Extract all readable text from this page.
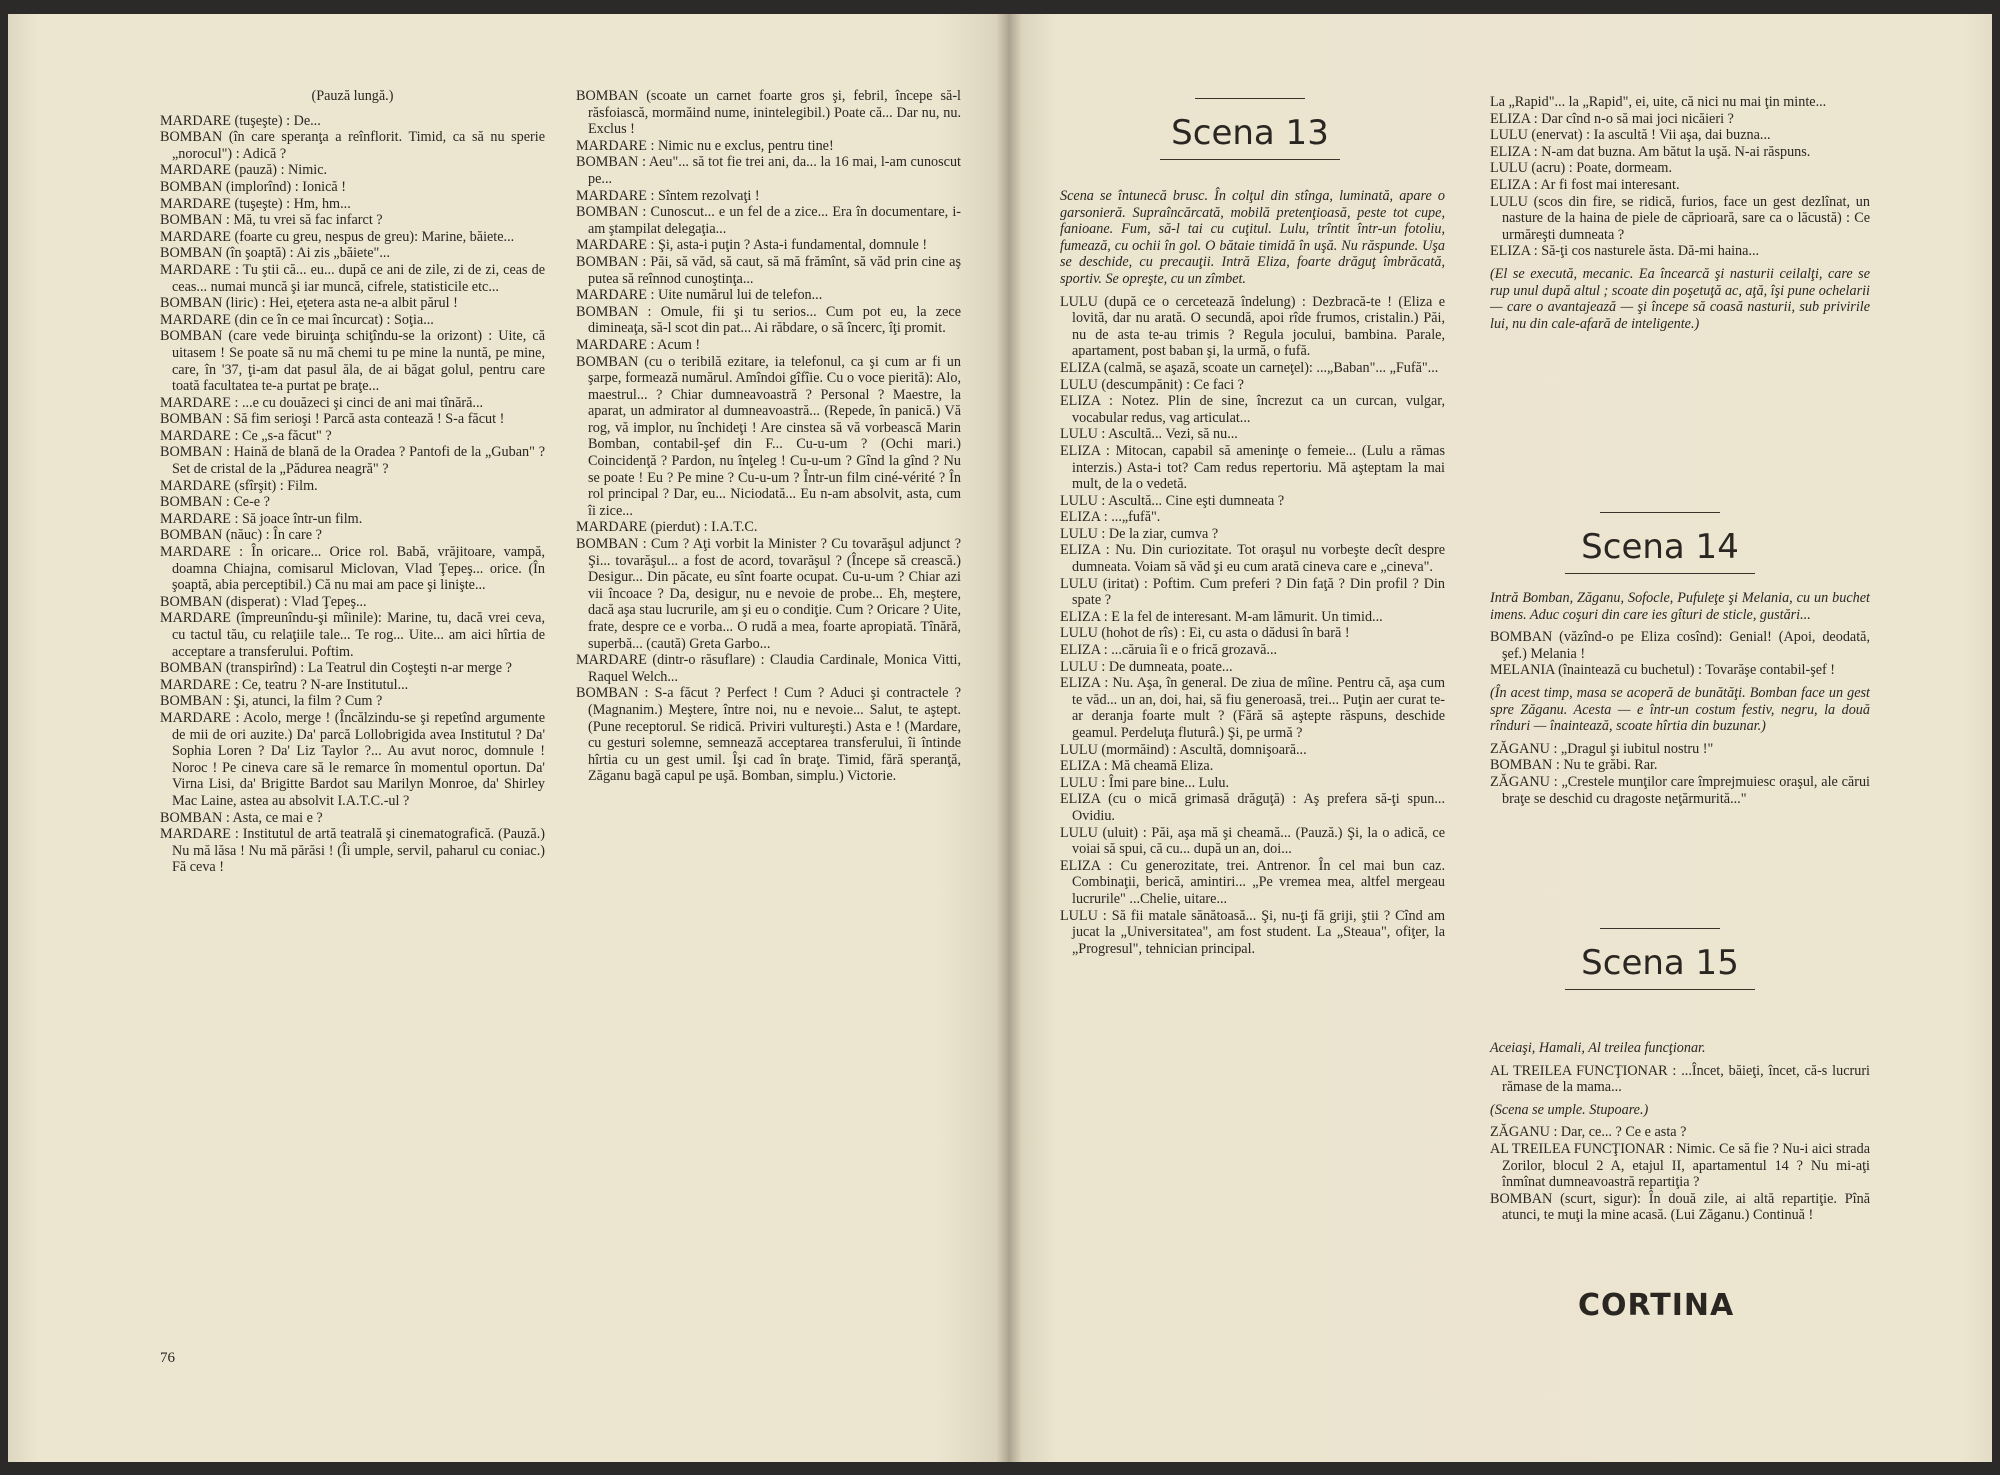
(Pauză lungă.)

MARDARE (tuşeşte) : De...

BOMBAN (în care speranţa a reînflorit. Timid, ca să nu sperie „norocul") : Adică ?

MARDARE (pauză) : Nimic.

BOMBAN (implorînd) : Ionică !

MARDARE (tuşeşte) : Hm, hm...

BOMBAN : Mă, tu vrei să fac infarct ?

MARDARE (foarte cu greu, nespus de greu): Marine, băiete...

BOMBAN (în şoaptă) : Ai zis „băiete"...

MARDARE : Tu ştii că... eu... după ce ani de zile, zi de zi, ceas de ceas... numai muncă şi iar muncă, cifrele, statisticile etc...

BOMBAN (liric) : Hei, eţetera asta ne-a albit părul !

MARDARE (din ce în ce mai încurcat) : Soţia...

BOMBAN (care vede biruinţa schiţîndu-se la orizont) : Uite, că uitasem ! Se poate să nu mă chemi tu pe mine la nuntă, pe mine, care, în '37, ţi-am dat pasul ăla, de ai băgat golul, pentru care toată facultatea te-a purtat pe braţe...

MARDARE : ...e cu douăzeci şi cinci de ani mai tînără...

BOMBAN : Să fim serioşi ! Parcă asta contează ! S-a făcut !

MARDARE : Ce „s-a făcut" ?

BOMBAN : Haină de blană de la Oradea ? Pantofi de la „Guban" ? Set de cristal de la „Pădurea neagră" ?

MARDARE (sfîrşit) : Film.

BOMBAN : Ce-e ?

MARDARE : Să joace într-un film.

BOMBAN (năuc) : În care ?

MARDARE : În oricare... Orice rol. Babă, vrăjitoare, vampă, doamna Chiajna, comisarul Miclovan, Vlad Ţepeş... orice. (În şoaptă, abia perceptibil.) Că nu mai am pace şi linişte...

BOMBAN (disperat) : Vlad Ţepeş...

MARDARE (împreunîndu-şi mîinile): Marine, tu, dacă vrei ceva, cu tactul tău, cu relaţiile tale... Te rog... Uite... am aici hîrtia de acceptare a transferului. Poftim.

BOMBAN (transpirînd) : La Teatrul din Coşteşti n-ar merge ?

MARDARE : Ce, teatru ? N-are Institutul...

BOMBAN : Şi, atunci, la film ? Cum ?

MARDARE : Acolo, merge ! (Încălzindu-se şi repetînd argumente de mii de ori auzite.) Da' parcă Lollobrigida avea Institutul ? Da' Sophia Loren ? Da' Liz Taylor ?... Au avut noroc, domnule ! Noroc ! Pe cineva care să le remarce în momentul oportun. Da' Virna Lisi, da' Brigitte Bardot sau Marilyn Monroe, da' Shirley Mac Laine, astea au absolvit I.A.T.C.-ul ?

BOMBAN : Asta, ce mai e ?

MARDARE : Institutul de artă teatrală şi cinematografică. (Pauză.) Nu mă lăsa ! Nu mă părăsi ! (Îi umple, servil, paharul cu coniac.) Fă ceva !

BOMBAN (scoate un carnet foarte gros şi, febril, începe să-l răsfoiască, mormăind nume, inintelegibil.) Poate că... Dar nu, nu. Exclus !

MARDARE : Nimic nu e exclus, pentru tine!

BOMBAN : Aeu"... să tot fie trei ani, da... la 16 mai, l-am cunoscut pe...

MARDARE : Sîntem rezolvaţi !

BOMBAN : Cunoscut... e un fel de a zice... Era în documentare, i-am ştampilat delegaţia...

MARDARE : Şi, asta-i puţin ? Asta-i fundamental, domnule !

BOMBAN : Păi, să văd, să caut, să mă frămînt, să văd prin cine aş putea să reînnod cunoştinţa...

MARDARE : Uite numărul lui de telefon...

BOMBAN : Omule, fii şi tu serios... Cum pot eu, la zece dimineaţa, să-l scot din pat... Ai răbdare, o să încerc, îţi promit.

MARDARE : Acum !

BOMBAN (cu o teribilă ezitare, ia telefonul, ca şi cum ar fi un şarpe, formează numărul. Amîndoi gîfîie. Cu o voce pierită): Alo, maestrul... ? Chiar dumneavoastră ? Personal ? Maestre, la aparat, un admirator al dumneavoastră... (Repede, în panică.) Vă rog, vă implor, nu închideţi ! Are cinstea să vă vorbească Marin Bomban, contabil-şef din F... Cu-u-um ? (Ochi mari.) Coincidenţă ? Pardon, nu înţeleg ! Cu-u-um ? Gînd la gînd ? Nu se poate ! Eu ? Pe mine ? Cu-u-um ? Într-un film ciné-vérité ? În rol principal ? Dar, eu... Niciodată... Eu n-am absolvit, asta, cum îi zice...

MARDARE (pierdut) : I.A.T.C.

BOMBAN : Cum ? Aţi vorbit la Minister ? Cu tovarăşul adjunct ? Şi... tovarăşul... a fost de acord, tovarăşul ? (Începe să crească.) Desigur... Din păcate, eu sînt foarte ocupat. Cu-u-um ? Chiar azi vii încoace ? Da, desigur, nu e nevoie de probe... Eh, meştere, dacă aşa stau lucrurile, am şi eu o condiţie. Cum ? Oricare ? Uite, frate, despre ce e vorba... O rudă a mea, foarte apropiată. Tînără, superbă... (caută) Greta Garbo...

MARDARE (dintr-o răsuflare) : Claudia Cardinale, Monica Vitti, Raquel Welch...

BOMBAN : S-a făcut ? Perfect ! Cum ? Aduci şi contractele ? (Magnanim.) Meştere, între noi, nu e nevoie... Salut, te aştept. (Pune receptorul. Se ridică. Priviri vultureşti.) Asta e ! (Mardare, cu gesturi solemne, semnează acceptarea transferului, îi întinde hîrtia cu un gest umil. Îşi cad în braţe. Timid, fără speranţă, Zăganu bagă capul pe uşă. Bomban, simplu.) Victorie.

76
Scena 13

Scena se întunecă brusc. În colţul din stînga, luminată, apare o garsonieră. Supraîncărcată, mobilă pretenţioasă, peste tot cupe, fanioane. Fum, să-l tai cu cuţitul. Lulu, trîntit într-un fotoliu, fumează, cu ochii în gol. O bătaie timidă în uşă. Nu răspunde. Uşa se deschide, cu precauţii. Intră Eliza, foarte drăguţ îmbrăcată, sportiv. Se opreşte, cu un zîmbet.

LULU (după ce o cercetează îndelung) : Dezbracă-te ! (Eliza e lovită, dar nu arată. O secundă, apoi rîde frumos, cristalin.) Păi, nu de asta te-au trimis ? Regula jocului, bambina. Parale, apartament, post baban şi, la urmă, o fufă.

ELIZA (calmă, se aşază, scoate un carneţel): ...„Baban"... „Fufă"...

LULU (descumpănit) : Ce faci ?

ELIZA : Notez. Plin de sine, încrezut ca un curcan, vulgar, vocabular redus, vag articulat...

LULU : Ascultă... Vezi, să nu...

ELIZA : Mitocan, capabil să ameninţe o femeie... (Lulu a rămas interzis.) Asta-i tot? Cam redus repertoriu. Mă aşteptam la mai mult, de la o vedetă.

LULU : Ascultă... Cine eşti dumneata ?

ELIZA : ...„fufă".

LULU : De la ziar, cumva ?

ELIZA : Nu. Din curiozitate. Tot oraşul nu vorbeşte decît despre dumneata. Voiam să văd şi eu cum arată cineva care e „cineva".

LULU (iritat) : Poftim. Cum preferi ? Din faţă ? Din profil ? Din spate ?

ELIZA : E la fel de interesant. M-am lămurit. Un timid...

LULU (hohot de rîs) : Ei, cu asta o dădusi în bară !

ELIZA : ...căruia îi e o frică grozavă...

LULU : De dumneata, poate...

ELIZA : Nu. Aşa, în general. De ziua de mîine. Pentru că, aşa cum te văd... un an, doi, hai, să fiu generoasă, trei... Puţin aer curat te-ar deranja foarte mult ? (Fără să aştepte răspuns, deschide geamul. Perdeluţa fluturâ.) Şi, pe urmă ?

LULU (mormăind) : Ascultă, domnişoară...

ELIZA : Mă cheamă Eliza.

LULU : Îmi pare bine... Lulu.

ELIZA (cu o mică grimasă drăguţă) : Aş prefera să-ţi spun... Ovidiu.

LULU (uluit) : Păi, aşa mă şi cheamă... (Pauză.) Şi, la o adică, ce voiai să spui, că cu... după un an, doi...

ELIZA : Cu generozitate, trei. Antrenor. În cel mai bun caz. Combinaţii, berică, amintiri... „Pe vremea mea, altfel mergeau lucrurile" ...Chelie, uitare...

LULU : Să fii matale sănătoasă... Şi, nu-ţi fă griji, ştii ? Cînd am jucat la „Universitatea", am fost student. La „Steaua", ofiţer, la „Progresul", tehnician principal.

La „Rapid"... la „Rapid", ei, uite, că nici nu mai ţin minte...

ELIZA : Dar cînd n-o să mai joci nicăieri ?

LULU (enervat) : Ia ascultă ! Vii aşa, dai buzna...

ELIZA : N-am dat buzna. Am bătut la uşă. N-ai răspuns.

LULU (acru) : Poate, dormeam.

ELIZA : Ar fi fost mai interesant.

LULU (scos din fire, se ridică, furios, face un gest dezlînat, un nasture de la haina de piele de căprioară, sare ca o lăcustă) : Ce urmăreşti dumneata ?

ELIZA : Să-ţi cos nasturele ăsta. Dă-mi haina...

(El se execută, mecanic. Ea încearcă şi nasturii ceilalţi, care se rup unul după altul ; scoate din poşetuţă ac, aţă, îşi pune ochelarii — care o avantajează — şi începe să coasă nasturii, sub privirile lui, nu din cale-afară de inteligente.)

Scena 14

Intră Bomban, Zăganu, Sofocle, Pufuleţe şi Melania, cu un buchet imens. Aduc coşuri din care ies gîturi de sticle, gustări...

BOMBAN (văzînd-o pe Eliza cosînd): Genial! (Apoi, deodată, şef.) Melania !

MELANIA (înaintează cu buchetul) : Tovarăşe contabil-şef !

(În acest timp, masa se acoperă de bunătăţi. Bomban face un gest spre Zăganu. Acesta — e într-un costum festiv, negru, la două rînduri — înaintează, scoate hîrtia din buzunar.)

ZĂGANU : „Dragul şi iubitul nostru !"

BOMBAN : Nu te grăbi. Rar.

ZĂGANU : „Crestele munţilor care împrejmuiesc oraşul, ale cărui braţe se deschid cu dragoste neţărmurită..."

Scena 15

Aceiaşi, Hamali, Al treilea funcţionar.

AL TREILEA FUNCŢIONAR : ...Încet, băieţi, încet, că-s lucruri rămase de la mama...

(Scena se umple. Stupoare.)

ZĂGANU : Dar, ce... ? Ce e asta ?

AL TREILEA FUNCŢIONAR : Nimic. Ce să fie ? Nu-i aici strada Zorilor, blocul 2 A, etajul II, apartamentul 14 ? Nu mi-aţi înmînat dumneavoastră repartiţia ?

BOMBAN (scurt, sigur): În două zile, ai altă repartiţie. Pînă atunci, te muţi la mine acasă. (Lui Zăganu.) Continuă !

CORTINA
